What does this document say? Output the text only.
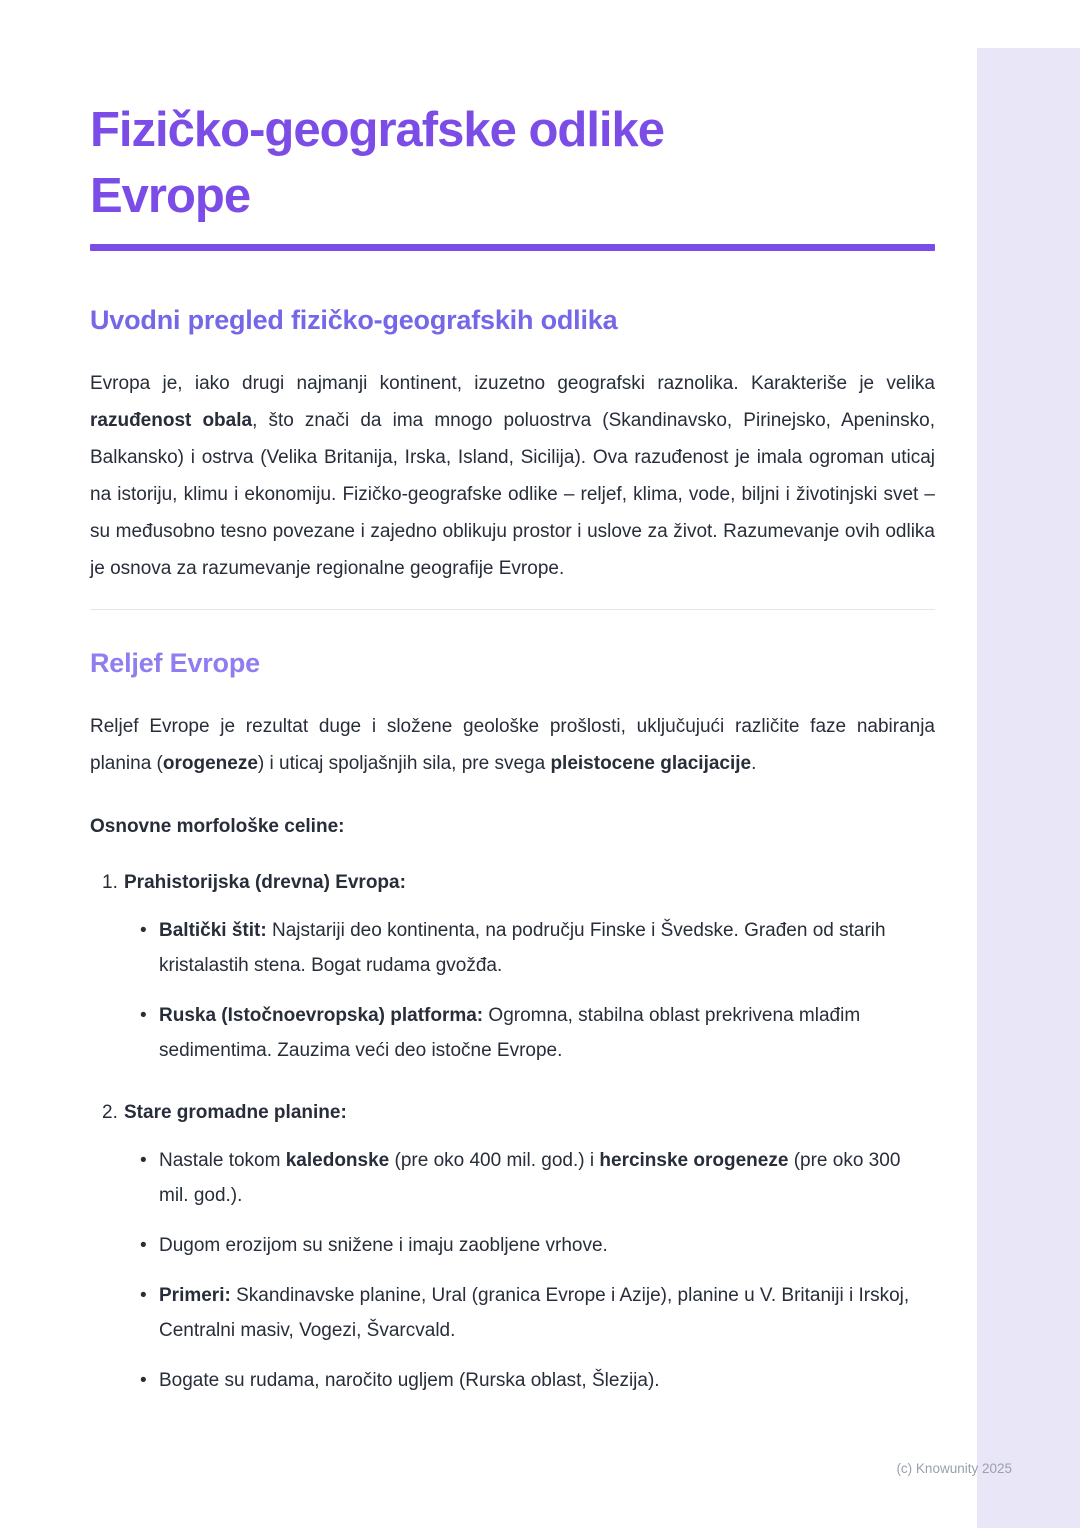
Fizičko-geografske odlike
Evrope
Uvodni pregled fizičko-geografskih odlika

Evropa je, iako drugi najmanji kontinent, izuzetno geografski raznolika. Karakteriše je velika razuđenost obala, što znači da ima mnogo poluostrva (Skandinavsko, Pirinejsko, Apeninsko, Balkansko) i ostrva (Velika Britanija, Irska, Island, Sicilija). Ova razuđenost je imala ogroman uticaj na istoriju, klimu i ekonomiju. Fizičko-geografske odlike – reljef, klima, vode, biljni i životinjski svet – su međusobno tesno povezane i zajedno oblikuju prostor i uslove za život. Razumevanje ovih odlika je osnova za razumevanje regionalne geografije Evrope.

Reljef Evrope

Reljef Evrope je rezultat duge i složene geološke prošlosti, uključujući različite faze nabiranja planina (orogeneze) i uticaj spoljašnjih sila, pre svega pleistocene glacijacije.

Osnovne morfološke celine:

1. Prahistorijska (drevna) Evropa:
• Baltički štit: Najstariji deo kontinenta, na području Finske i Švedske. Građen od starih kristalastih stena. Bogat rudama gvožđa.
• Ruska (Istočnoevropska) platforma: Ogromna, stabilna oblast prekrivena mlađim sedimentima. Zauzima veći deo istočne Evrope.
2. Stare gromadne planine:
• Nastale tokom kaledonske (pre oko 400 mil. god.) i hercinske orogeneze (pre oko 300 mil. god.).
• Dugom erozijom su snižene i imaju zaobljene vrhove.
• Primeri: Skandinavske planine, Ural (granica Evrope i Azije), planine u V. Britaniji i Irskoj, Centralni masiv, Vogezi, Švarcvald.
• Bogate su rudama, naročito ugljem (Rurska oblast, Šlezija).
(c) Knowunity 2025
